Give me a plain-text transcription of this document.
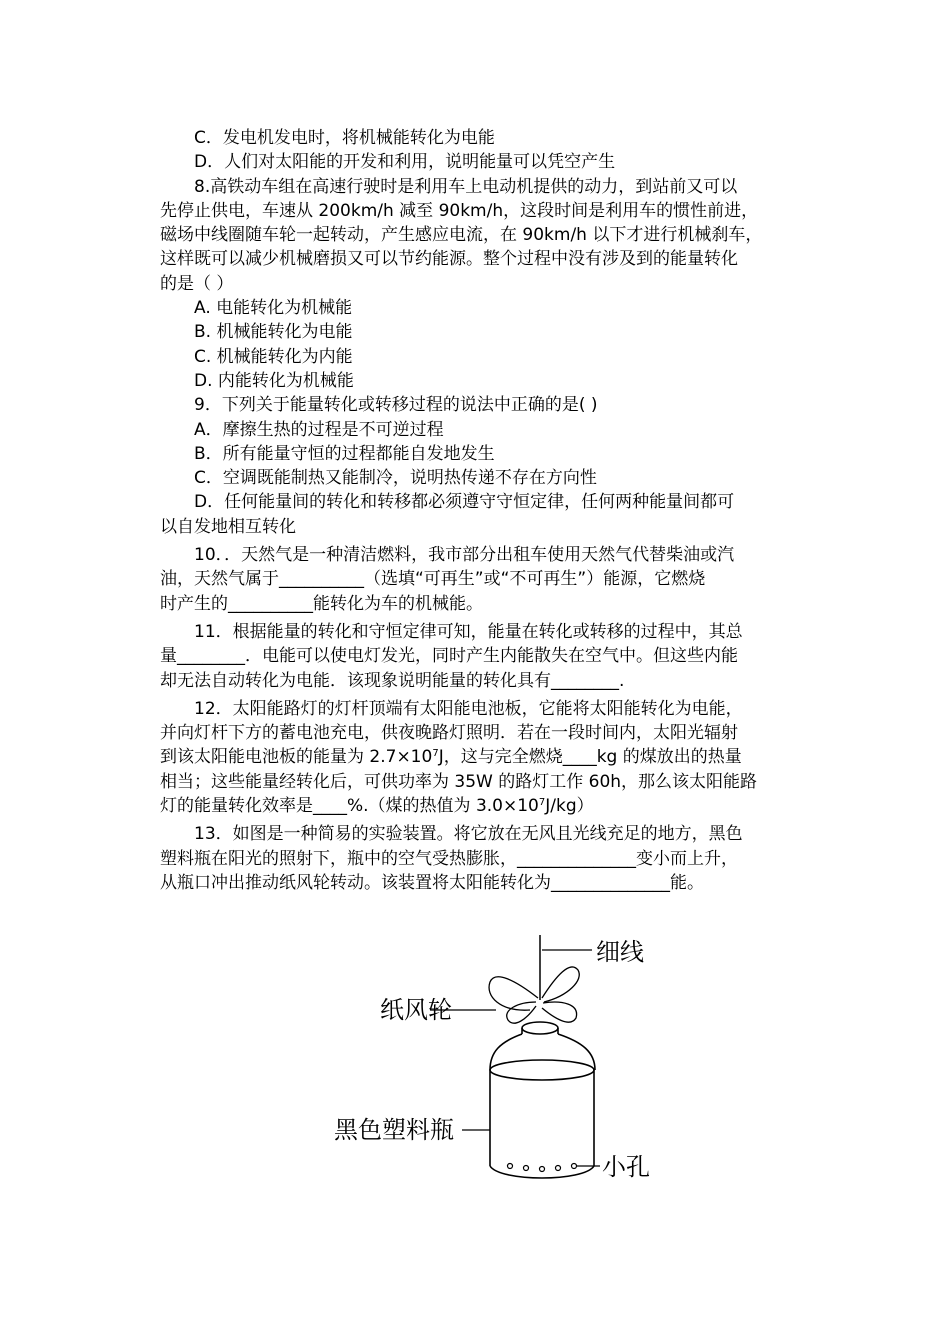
C．发电机发电时，将机械能转化为电能
D．人们对太阳能的开发和利用，说明能量可以凭空产生
8.高铁动车组在高速行驶时是利用车上电动机提供的动力，到站前又可以
先停止供电，车速从 200km/h 减至 90km/h，这段时间是利用车的惯性前进，
磁场中线圈随车轮一起转动，产生感应电流，在 90km/h 以下才进行机械刹车，
这样既可以减少机械磨损又可以节约能源。整个过程中没有涉及到的能量转化
的是（ ）
A. 电能转化为机械能
B. 机械能转化为电能
C. 机械能转化为内能
D. 内能转化为机械能
9．下列关于能量转化或转移过程的说法中正确的是( )
A．摩擦生热的过程是不可逆过程
B．所有能量守恒的过程都能自发地发生
C．空调既能制热又能制冷，说明热传递不存在方向性
D．任何能量间的转化和转移都必须遵守守恒定律，任何两种能量间都可
以自发地相互转化
10．．天然气是一种清洁燃料，我市部分出租车使用天然气代替柴油或汽
油，天然气属于__________（选填“可再生”或“不可再生”）能源，它燃烧
时产生的__________能转化为车的机械能。
11．根据能量的转化和守恒定律可知，能量在转化或转移的过程中，其总
量________．电能可以使电灯发光，同时产生内能散失在空气中。但这些内能
却无法自动转化为电能．该现象说明能量的转化具有________.
12．太阳能路灯的灯杆顶端有太阳能电池板，它能将太阳能转化为电能，
并向灯杆下方的蓄电池充电，供夜晚路灯照明．若在一段时间内，太阳光辐射
到该太阳能电池板的能量为 $2.7\times 10^7J$，这与完全燃烧____kg 的煤放出的热量
相当；这些能量经转化后，可供功率为 35W 的路灯工作 60h，那么该太阳能路
灯的能量转化效率是____%.（煤的热值为 $3.0\times 10^7J/kg$）
13．如图是一种简易的实验装置。将它放在无风且光线充足的地方，黑色
塑料瓶在阳光的照射下，瓶中的空气受热膨胀，______________变小而上升，
从瓶口冲出推动纸风轮转动。该装置将太阳能转化为______________能。
细线
纸风轮
黑色塑料瓶
小孔
